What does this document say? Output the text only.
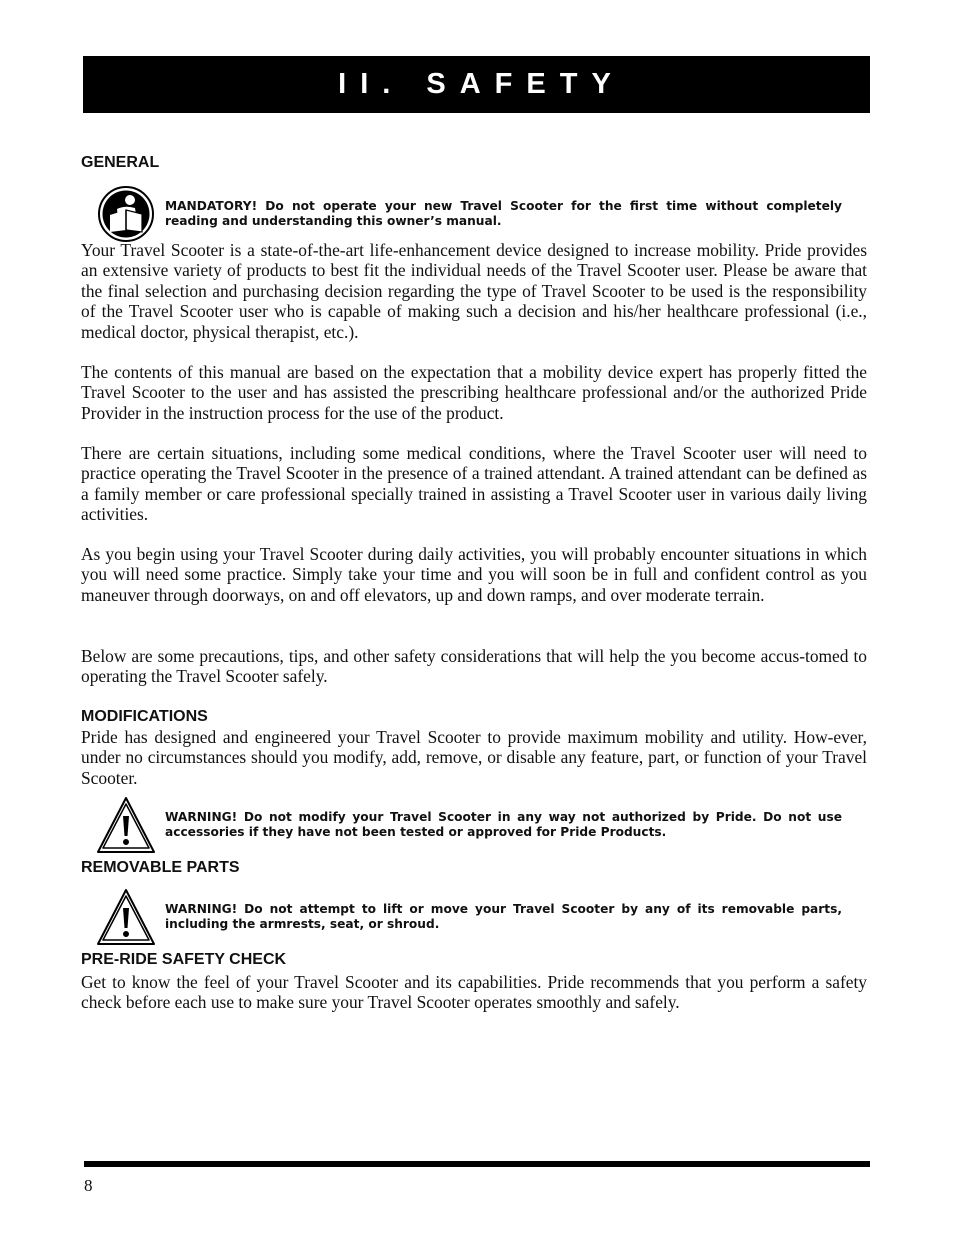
II. SAFETY
GENERAL
MANDATORY! Do not operate your new Travel Scooter for the first time without completely reading and understanding this owner’s manual.

Your Travel Scooter is a state-of-the-art life-enhancement device designed to increase mobility. Pride provides an extensive variety of products to best fit the individual needs of the Travel Scooter user. Please be aware that the final selection and purchasing decision regarding the type of Travel Scooter to be used is the responsibility of the Travel Scooter user who is capable of making such a decision and his/her healthcare professional (i.e., medical doctor, physical therapist, etc.).

The contents of this manual are based on the expectation that a mobility device expert has properly fitted the Travel Scooter to the user and has assisted the prescribing healthcare professional and/or the authorized Pride Provider in the instruction process for the use of the product.

There are certain situations, including some medical conditions, where the Travel Scooter user will need to practice operating the Travel Scooter in the presence of a trained attendant. A trained attendant can be defined as a family member or care professional specially trained in assisting a Travel Scooter user in various daily living activities.

As you begin using your Travel Scooter during daily activities, you will probably encounter situations in which you will need some practice. Simply take your time and you will soon be in full and confident control as you maneuver through doorways, on and off elevators, up and down ramps, and over moderate terrain.

Below are some precautions, tips, and other safety considerations that will help the you become accus-tomed to operating the Travel Scooter safely.

MODIFICATIONS

Pride has designed and engineered your Travel Scooter to provide maximum mobility and utility. How-ever, under no circumstances should you modify, add, remove, or disable any feature, part, or function of your Travel Scooter.

WARNING! Do not modify your Travel Scooter in any way not authorized by Pride. Do not use accessories if they have not been tested or approved for Pride Products.
REMOVABLE PARTS
WARNING! Do not attempt to lift or move your Travel Scooter by any of its removable parts, including the armrests, seat, or shroud.
PRE-RIDE SAFETY CHECK

Get to know the feel of your Travel Scooter and its capabilities. Pride recommends that you perform a safety check before each use to make sure your Travel Scooter operates smoothly and safely.

8
